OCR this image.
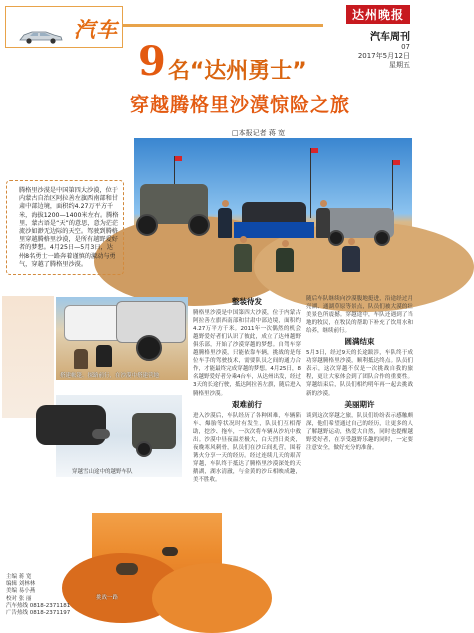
汽车
达州晚报
汽车周刊
07
2017年5月12日
星期五
9名“达州勇士”
穿越腾格里沙漠惊险之旅
□本报记者 蒋 宽
腾格里沙漠是中国第四大沙漠，位于内蒙古自治区阿拉善左旗西南部和甘肃中部边境，面积约4.27万平方千米，海拔1200—1400米左右。腾格里，蒙古语是“天”的意思，意为茫茫流沙如渺无边际的天空。驾驶到腾格里穿越腾格里沙漠，是所有越野爱好者的梦想。4月25日—5月3日，达州8名勇士一路奔着谨慎的激动与勇气，穿越了腾格里沙漠。
搭建帐篷、探路前行，在沙漠中搭建营地
穿越雪山途中的越野车队
挑战一路
整装待发
腾格里沙漠是中国第四大沙漠，位于内蒙古阿拉善左旗西南部和甘肃中部边境，面积约4.27万平方千米。2011年一次偶然的机会越野爱好者们认识了彼此，成立了达州越野俱乐部，开始了沙漠穿越的梦想。自驾车穿越腾格里沙漠，只能依靠车辆，挑战的是每位车手的驾驶技术，需要队员之间的通力合作，才能最终完成穿越的梦想。4月25日，8名越野爱好者分乘4台车，从达州出发，经过3天的长途行驶，抵达阿拉善左旗，随后进入腾格里沙漠。
艰难前行
进入沙漠后，车队经历了各种困难，车辆陷车、爆胎等状况时有发生，队员们互相帮助，挖沙、拖车，一次次将车辆从沙坑中救出。沙漠中昼夜温差极大，白天烈日炎炎，夜晚寒风刺骨，队员们在沙丘间扎营，围着篝火分享一天的经历。经过连续几天的艰苦穿越，车队终于抵达了腾格里沙漠深处的天鹅湖，湖水清澈，与金黄的沙丘相映成趣，美不胜收。
随后车队继续向沙漠腹地挺进，沿途经过月亮湖、通湖草原等景点，队员们被大漠的壮美景色所震撼。穿越途中，车队还遇到了当地的牧民，在牧民的帮助下补充了饮用水和给养，继续前行。
圆满结束
5月3日，经过9天的长途跋涉，车队终于成功穿越腾格里沙漠，顺利抵达终点。队员们表示，这次穿越不仅是一次挑战自我的旅程，更让大家体会到了团队合作的重要性。穿越结束后，队员们相约明年再一起去挑战新的沙漠。
美丽期许
谈到这次穿越之旅，队员们纷纷表示感触颇深，他们希望通过自己的经历，让更多的人了解越野运动，热爱大自然，同时也提醒越野爱好者，在享受越野乐趣的同时，一定要注意安全，做好充分的准备。
主编 蒋 宽
编辑 刘林林
美编 易小燕
校对 张 丽
汽车热线 0818-2371181
广告热线 0818-2371197
